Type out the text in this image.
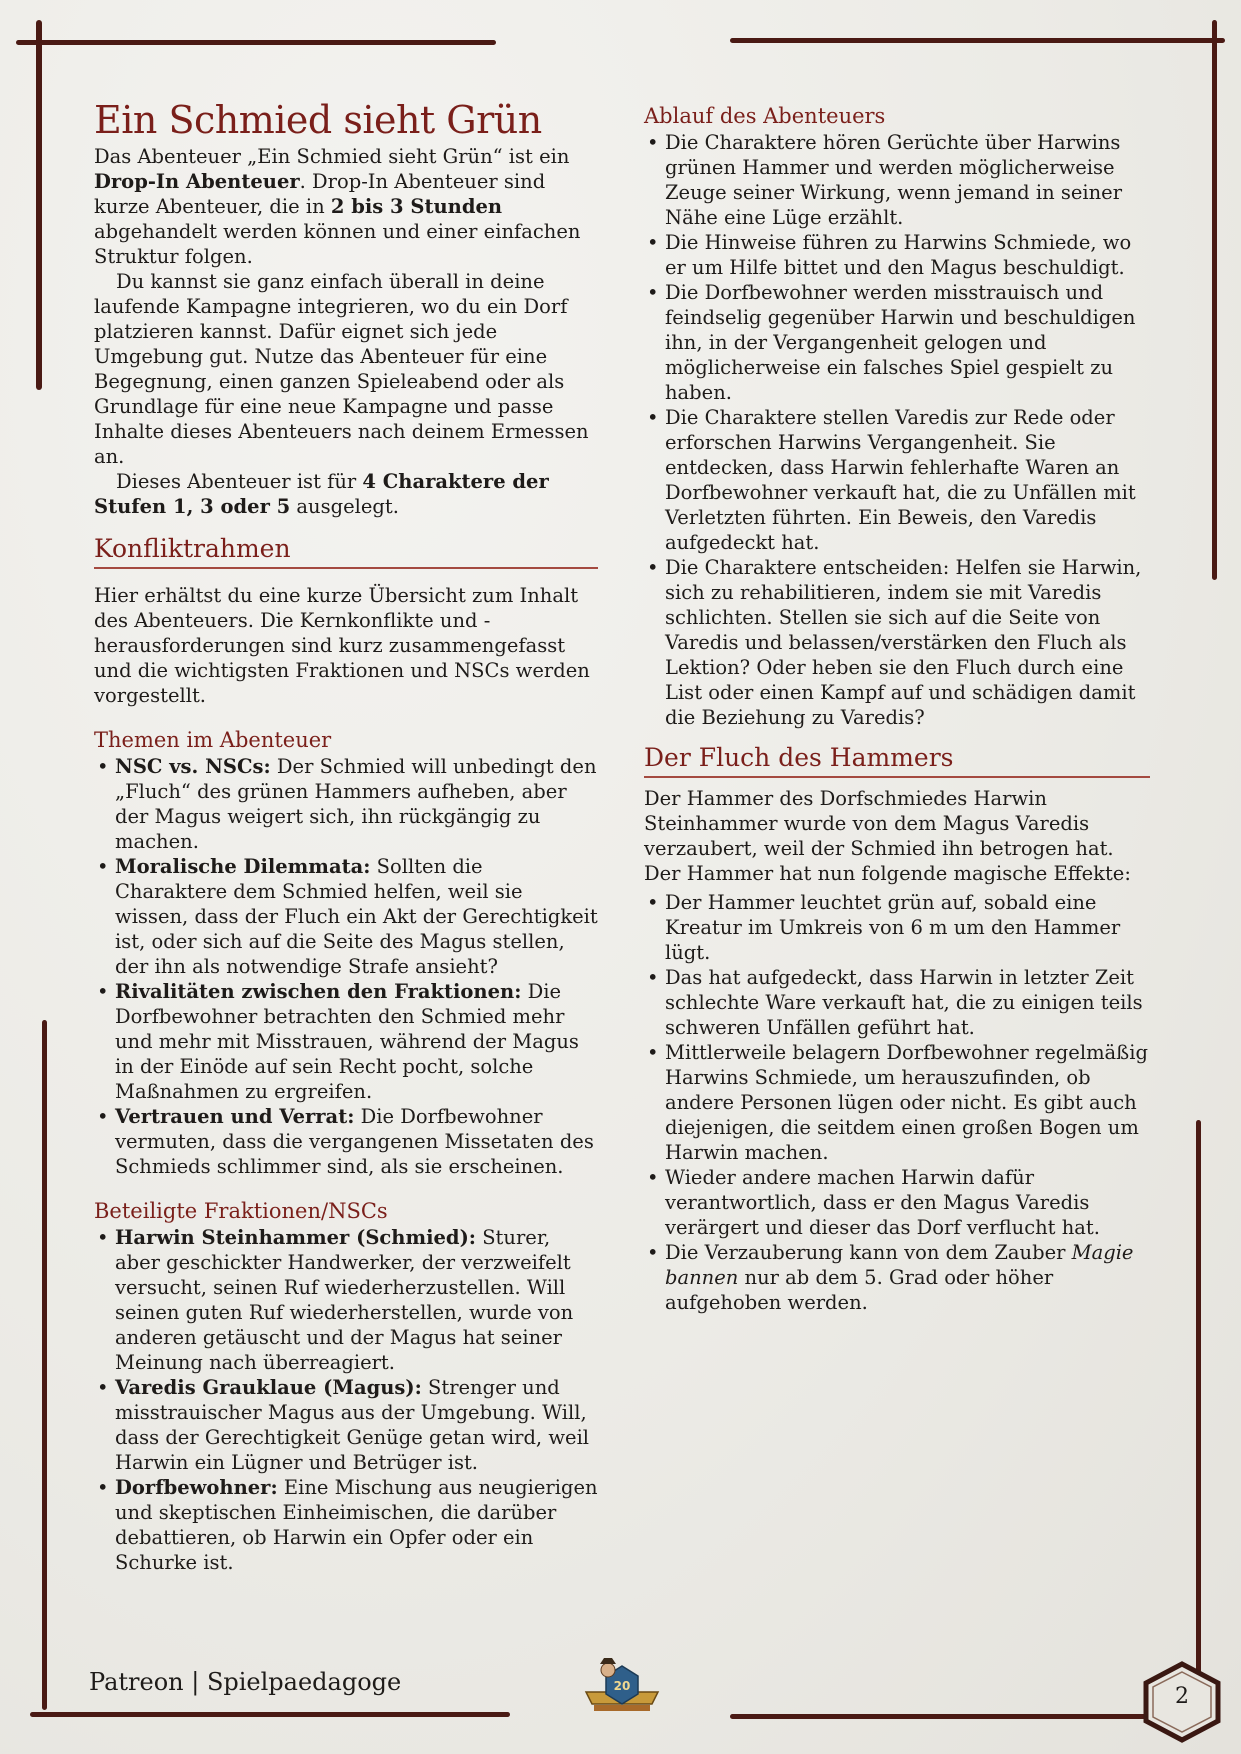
Ein Schmied sieht Grün

Das Abenteuer „Ein Schmied sieht Grün“ ist ein Drop-In Abenteuer. Drop-In Abenteuer sind kurze Abenteuer, die in 2 bis 3 Stunden abgehandelt werden können und einer einfachen Struktur folgen.

Du kannst sie ganz einfach überall in deine laufende Kampagne integrieren, wo du ein Dorf platzieren kannst. Dafür eignet sich jede Umgebung gut. Nutze das Abenteuer für eine Begegnung, einen ganzen Spieleabend oder als Grundlage für eine neue Kampagne und passe Inhalte dieses Abenteuers nach deinem Ermessen an.

Dieses Abenteuer ist für 4 Charaktere der Stufen 1, 3 oder 5 ausgelegt.

Konfliktrahmen

Hier erhältst du eine kurze Übersicht zum Inhalt des Abenteuers. Die Kernkonflikte und -herausforderungen sind kurz zusammengefasst und die wichtigsten Fraktionen und NSCs werden vorgestellt.

Themen im Abenteuer
• NSC vs. NSCs: Der Schmied will unbedingt den „Fluch“ des grünen Hammers aufheben, aber der Magus weigert sich, ihn rückgängig zu machen.
• Moralische Dilemmata: Sollten die Charaktere dem Schmied helfen, weil sie wissen, dass der Fluch ein Akt der Gerechtigkeit ist, oder sich auf die Seite des Magus stellen, der ihn als notwendige Strafe ansieht?
• Rivalitäten zwischen den Fraktionen: Die Dorfbewohner betrachten den Schmied mehr und mehr mit Misstrauen, während der Magus in der Einöde auf sein Recht pocht, solche Maßnahmen zu ergreifen.
• Vertrauen und Verrat: Die Dorfbewohner vermuten, dass die vergangenen Missetaten des Schmieds schlimmer sind, als sie erscheinen.
Beteiligte Fraktionen/NSCs
• Harwin Steinhammer (Schmied): Sturer, aber geschickter Handwerker, der verzweifelt versucht, seinen Ruf wiederherzustellen. Will seinen guten Ruf wiederherstellen, wurde von anderen getäuscht und der Magus hat seiner Meinung nach überreagiert.
• Varedis Grauklaue (Magus): Strenger und misstrauischer Magus aus der Umgebung. Will, dass der Gerechtigkeit Genüge getan wird, weil Harwin ein Lügner und Betrüger ist.
• Dorfbewohner: Eine Mischung aus neugierigen und skeptischen Einheimischen, die darüber debattieren, ob Harwin ein Opfer oder ein Schurke ist.
Ablauf des Abenteuers
• Die Charaktere hören Gerüchte über Harwins grünen Hammer und werden möglicherweise Zeuge seiner Wirkung, wenn jemand in seiner Nähe eine Lüge erzählt.
• Die Hinweise führen zu Harwins Schmiede, wo er um Hilfe bittet und den Magus beschuldigt.
• Die Dorfbewohner werden misstrauisch und feindselig gegenüber Harwin und beschuldigen ihn, in der Vergangenheit gelogen und möglicherweise ein falsches Spiel gespielt zu haben.
• Die Charaktere stellen Varedis zur Rede oder erforschen Harwins Vergangenheit. Sie entdecken, dass Harwin fehlerhafte Waren an Dorfbewohner verkauft hat, die zu Unfällen mit Verletzten führten. Ein Beweis, den Varedis aufgedeckt hat.
• Die Charaktere entscheiden: Helfen sie Harwin, sich zu rehabilitieren, indem sie mit Varedis schlichten. Stellen sie sich auf die Seite von Varedis und belassen/verstärken den Fluch als Lektion? Oder heben sie den Fluch durch eine List oder einen Kampf auf und schädigen damit die Beziehung zu Varedis?
Der Fluch des Hammers

Der Hammer des Dorfschmiedes Harwin Steinhammer wurde von dem Magus Varedis verzaubert, weil der Schmied ihn betrogen hat. Der Hammer hat nun folgende magische Effekte:

• Der Hammer leuchtet grün auf, sobald eine Kreatur im Umkreis von 6 m um den Hammer lügt.
• Das hat aufgedeckt, dass Harwin in letzter Zeit schlechte Ware verkauft hat, die zu einigen teils schweren Unfällen geführt hat.
• Mittlerweile belagern Dorfbewohner regelmäßig Harwins Schmiede, um herauszufinden, ob andere Personen lügen oder nicht. Es gibt auch diejenigen, die seitdem einen großen Bogen um Harwin machen.
• Wieder andere machen Harwin dafür verantwortlich, dass er den Magus Varedis verärgert und dieser das Dorf verflucht hat.
• Die Verzauberung kann von dem Zauber Magie bannen nur ab dem 5. Grad oder höher aufgehoben werden.
Patreon | Spielpaedagoge	20	2
